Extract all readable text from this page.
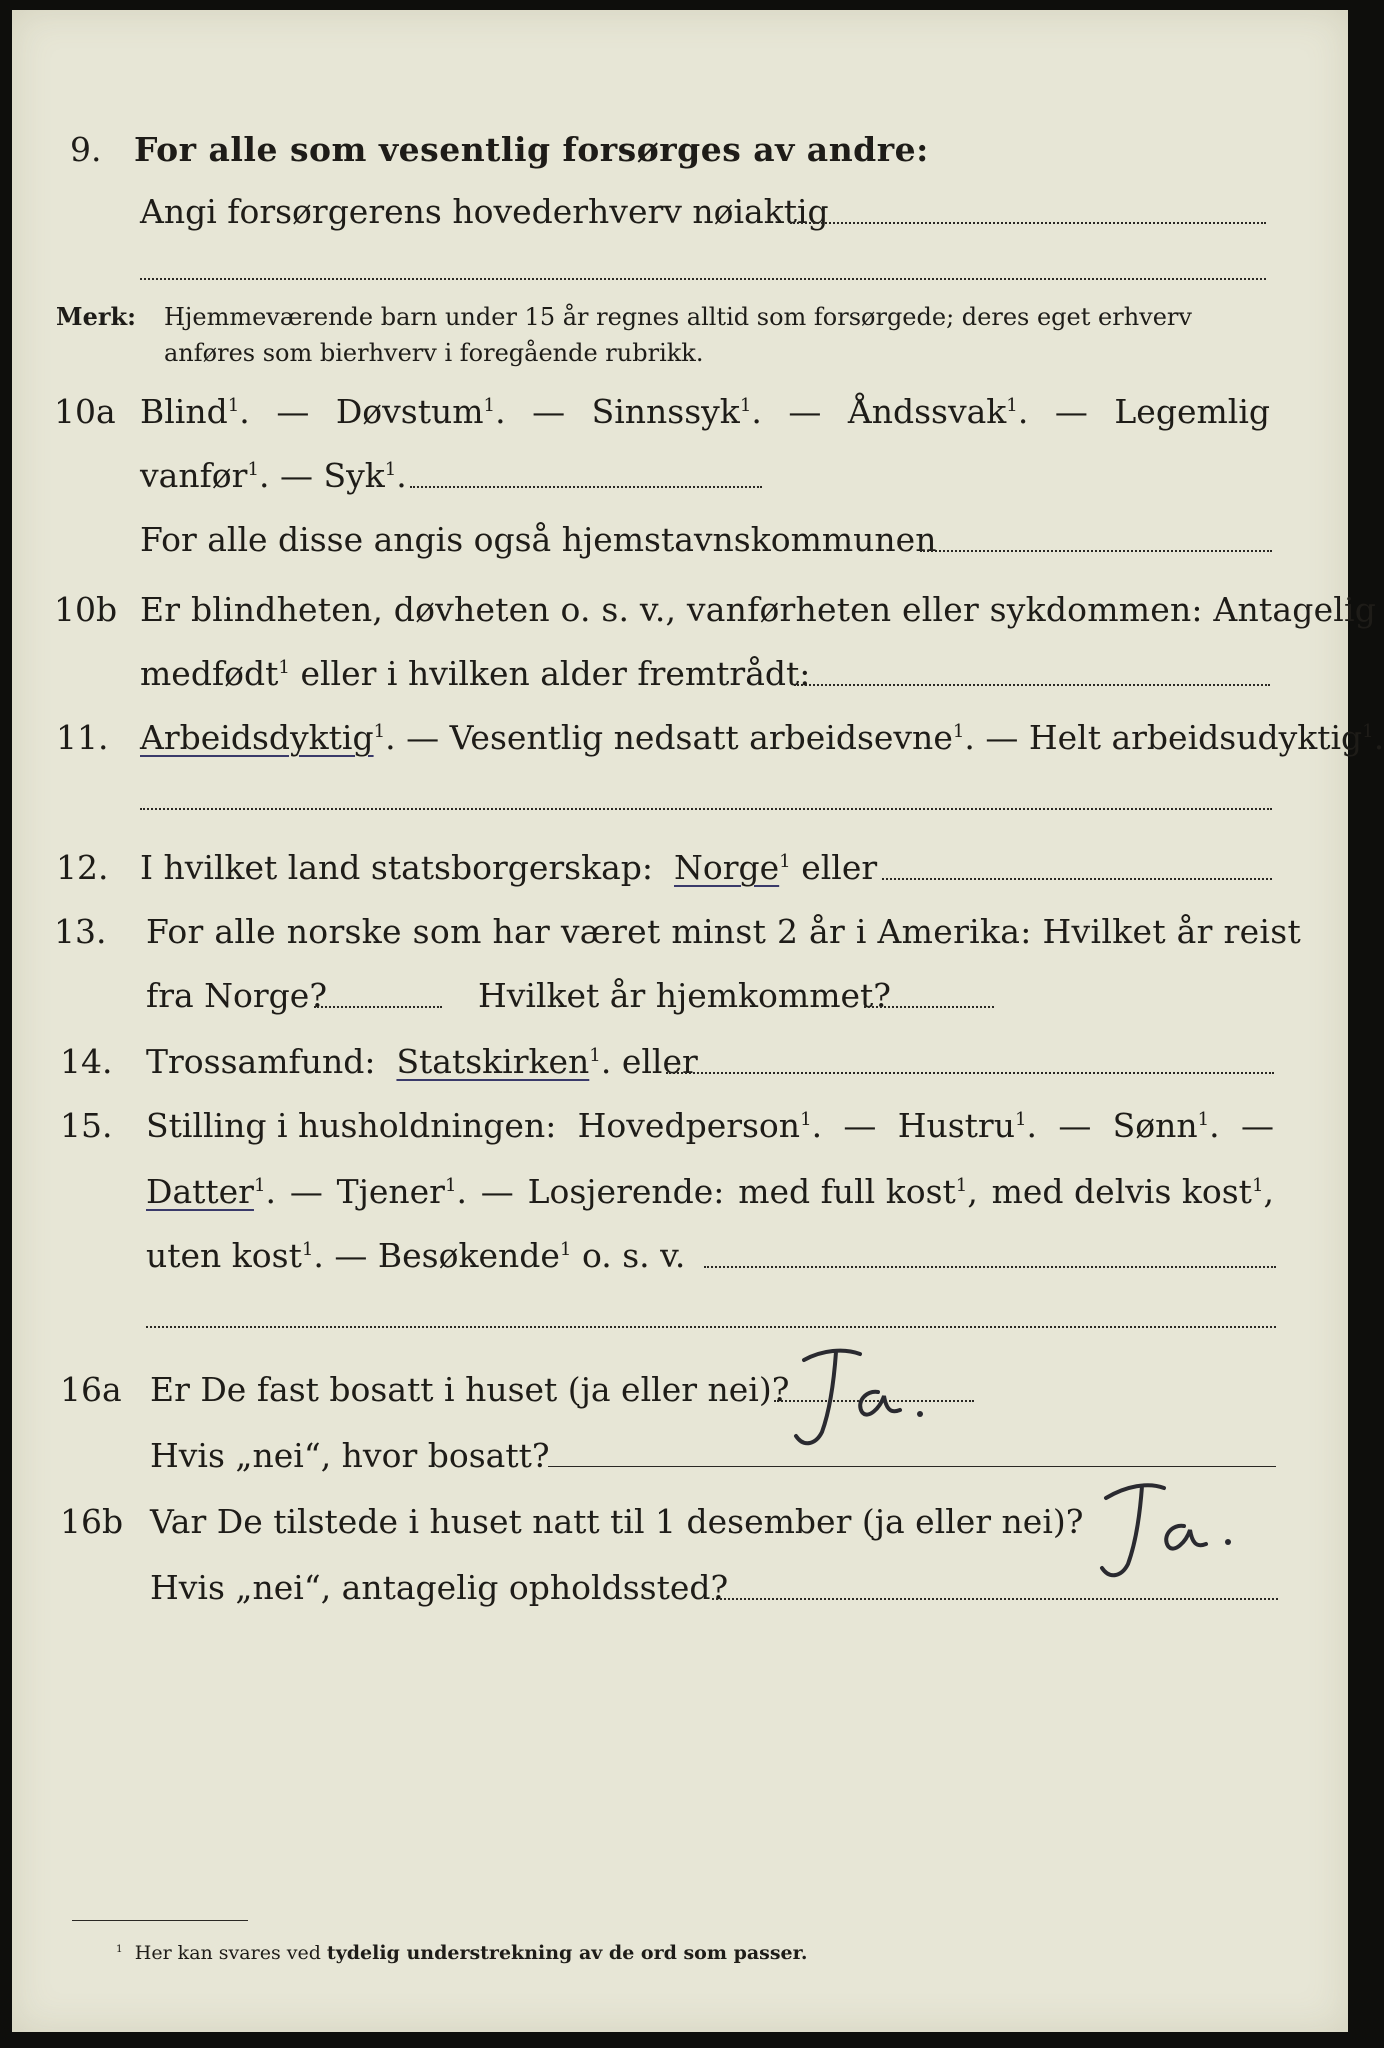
9. For alle som vesentlig forsørges av andre:
Angi forsørgerens hovederhverv nøiaktig
Merk: Hjemmeværende barn under 15 år regnes alltid som forsørgede; deres eget erhverv
anføres som bierhverv i foregående rubrikk.
10a Blind$^1$. — Døvstum$^1$. — Sinnssyk$^1$. — Åndssvak$^1$. — Legemlig
vanfør$^1$. — Syk$^1$.
For alle disse angis også hjemstavnskommunen
10b Er blindheten, døvheten o. s. v., vanførheten eller sykdommen: Antagelig
medfødt$^1$ eller i hvilken alder fremtrådt:
11. Arbeidsdyktig$^1$. — Vesentlig nedsatt arbeidsevne$^1$. — Helt arbeidsudyktig$^1$.
12. I hvilket land statsborgerskap: Norge$^1$ eller
13. For alle norske som har været minst 2 år i Amerika: Hvilket år reist
fra Norge?	Hvilket år hjemkommet?
14. Trossamfund: Statskirken$^1$. eller
15. Stilling i husholdningen: Hovedperson$^1$. — Hustru$^1$. — Sønn$^1$. —
Datter$^1$. — Tjener$^1$. — Losjerende: med full kost$^1$, med delvis kost$^1$,
uten kost$^1$. — Besøkende$^1$ o. s. v.
16a Er De fast bosatt i huset (ja eller nei)?
Hvis „nei“, hvor bosatt?
16b Var De tilstede i huset natt til 1 desember (ja eller nei)?
Hvis „nei“, antagelig opholdssted?
$^1$ Her kan svares ved tydelig understrekning av de ord som passer.
